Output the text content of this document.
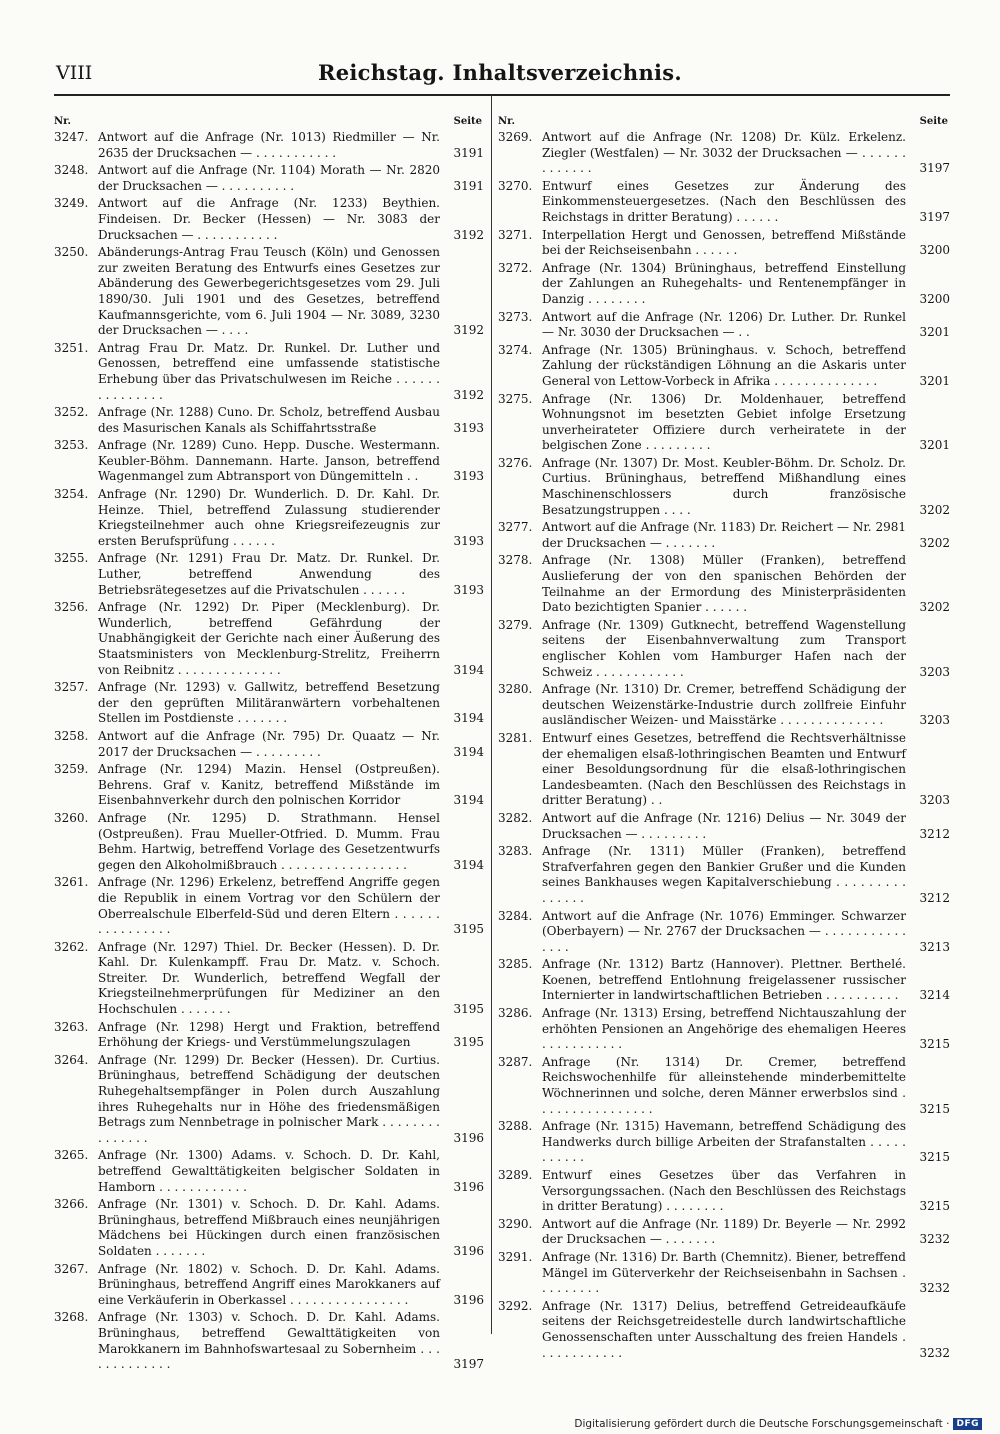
VIII	Reichstag. Inhaltsverzeichnis.
Nr.	Seite
3247. Antwort auf die Anfrage (Nr. 1013) Riedmiller — Nr. 2635 der Drucksachen — . . . . . . . . . . .	3191
3248. Antwort auf die Anfrage (Nr. 1104) Morath — Nr. 2820 der Drucksachen — . . . . . . . . . .	3191
3249. Antwort auf die Anfrage (Nr. 1233) Beythien. Findeisen. Dr. Becker (Hessen) — Nr. 3083 der Drucksachen — . . . . . . . . . . .	3192
3250. Abänderungs-Antrag Frau Teusch (Köln) und Genossen zur zweiten Beratung des Entwurfs eines Gesetzes zur Abänderung des Gewerbegerichtsgesetzes vom 29. Juli 1890/30. Juli 1901 und des Gesetzes, betreffend Kaufmannsgerichte, vom 6. Juli 1904 — Nr. 3089, 3230 der Drucksachen — . . . .	3192
3251. Antrag Frau Dr. Matz. Dr. Runkel. Dr. Luther und Genossen, betreffend eine umfassende statistische Erhebung über das Privatschulwesen im Reiche . . . . . . . . . . . . . . .	3192
3252. Anfrage (Nr. 1288) Cuno. Dr. Scholz, betreffend Ausbau des Masurischen Kanals als Schiffahrtsstraße	3193
3253. Anfrage (Nr. 1289) Cuno. Hepp. Dusche. Westermann. Keubler-Böhm. Dannemann. Harte. Janson, betreffend Wagenmangel zum Abtransport von Düngemitteln . .	3193
3254. Anfrage (Nr. 1290) Dr. Wunderlich. D. Dr. Kahl. Dr. Heinze. Thiel, betreffend Zulassung studierender Kriegsteilnehmer auch ohne Kriegsreifezeugnis zur ersten Berufsprüfung . . . . . .	3193
3255. Anfrage (Nr. 1291) Frau Dr. Matz. Dr. Runkel. Dr. Luther, betreffend Anwendung des Betriebsrätegesetzes auf die Privatschulen . . . . . .	3193
3256. Anfrage (Nr. 1292) Dr. Piper (Mecklenburg). Dr. Wunderlich, betreffend Gefährdung der Unabhängigkeit der Gerichte nach einer Äußerung des Staatsministers von Mecklenburg-Strelitz, Freiherrn von Reibnitz . . . . . . . . . . . . . .	3194
3257. Anfrage (Nr. 1293) v. Gallwitz, betreffend Besetzung der den geprüften Militäranwärtern vorbehaltenen Stellen im Postdienste . . . . . . .	3194
3258. Antwort auf die Anfrage (Nr. 795) Dr. Quaatz — Nr. 2017 der Drucksachen — . . . . . . . . .	3194
3259. Anfrage (Nr. 1294) Mazin. Hensel (Ostpreußen). Behrens. Graf v. Kanitz, betreffend Mißstände im Eisenbahnverkehr durch den polnischen Korridor	3194
3260. Anfrage (Nr. 1295) D. Strathmann. Hensel (Ostpreußen). Frau Mueller-Otfried. D. Mumm. Frau Behm. Hartwig, betreffend Vorlage des Gesetzentwurfs gegen den Alkoholmißbrauch . . . . . . . . . . . . . . . . .	3194
3261. Anfrage (Nr. 1296) Erkelenz, betreffend Angriffe gegen die Republik in einem Vortrag vor den Schülern der Oberrealschule Elberfeld-Süd und deren Eltern . . . . . . . . . . . . . . . .	3195
3262. Anfrage (Nr. 1297) Thiel. Dr. Becker (Hessen). D. Dr. Kahl. Dr. Kulenkampff. Frau Dr. Matz. v. Schoch. Streiter. Dr. Wunderlich, betreffend Wegfall der Kriegsteilnehmerprüfungen für Mediziner an den Hochschulen . . . . . . .	3195
3263. Anfrage (Nr. 1298) Hergt und Fraktion, betreffend Erhöhung der Kriegs- und Verstümmelungszulagen	3195
3264. Anfrage (Nr. 1299) Dr. Becker (Hessen). Dr. Curtius. Brüninghaus, betreffend Schädigung der deutschen Ruhegehaltsempfänger in Polen durch Auszahlung ihres Ruhegehalts nur in Höhe des friedensmäßigen Betrags zum Nennbetrage in polnischer Mark . . . . . . . . . . . . . . .	3196
3265. Anfrage (Nr. 1300) Adams. v. Schoch. D. Dr. Kahl, betreffend Gewalttätigkeiten belgischer Soldaten in Hamborn . . . . . . . . . . . .	3196
3266. Anfrage (Nr. 1301) v. Schoch. D. Dr. Kahl. Adams. Brüninghaus, betreffend Mißbrauch eines neunjährigen Mädchens bei Hückingen durch einen französischen Soldaten . . . . . . .	3196
3267. Anfrage (Nr. 1802) v. Schoch. D. Dr. Kahl. Adams. Brüninghaus, betreffend Angriff eines Marokkaners auf eine Verkäuferin in Oberkassel . . . . . . . . . . . . . . . .	3196
3268. Anfrage (Nr. 1303) v. Schoch. D. Dr. Kahl. Adams. Brüninghaus, betreffend Gewalttätigkeiten von Marokkanern im Bahnhofswartesaal zu Sobernheim . . . . . . . . . . . . .	3197
Nr.	Seite
3269. Antwort auf die Anfrage (Nr. 1208) Dr. Külz. Erkelenz. Ziegler (Westfalen) — Nr. 3032 der Drucksachen — . . . . . . . . . . . . .	3197
3270. Entwurf eines Gesetzes zur Änderung des Einkommensteuergesetzes. (Nach den Beschlüssen des Reichstags in dritter Beratung) . . . . . .	3197
3271. Interpellation Hergt und Genossen, betreffend Mißstände bei der Reichseisenbahn . . . . . .	3200
3272. Anfrage (Nr. 1304) Brüninghaus, betreffend Einstellung der Zahlungen an Ruhegehalts- und Rentenempfänger in Danzig . . . . . . . .	3200
3273. Antwort auf die Anfrage (Nr. 1206) Dr. Luther. Dr. Runkel — Nr. 3030 der Drucksachen — . .	3201
3274. Anfrage (Nr. 1305) Brüninghaus. v. Schoch, betreffend Zahlung der rückständigen Löhnung an die Askaris unter General von Lettow-Vorbeck in Afrika . . . . . . . . . . . . . .	3201
3275. Anfrage (Nr. 1306) Dr. Moldenhauer, betreffend Wohnungsnot im besetzten Gebiet infolge Ersetzung unverheirateter Offiziere durch verheiratete in der belgischen Zone . . . . . . . . .	3201
3276. Anfrage (Nr. 1307) Dr. Most. Keubler-Böhm. Dr. Scholz. Dr. Curtius. Brüninghaus, betreffend Mißhandlung eines Maschinenschlossers durch französische Besatzungstruppen . . . .	3202
3277. Antwort auf die Anfrage (Nr. 1183) Dr. Reichert — Nr. 2981 der Drucksachen — . . . . . . .	3202
3278. Anfrage (Nr. 1308) Müller (Franken), betreffend Auslieferung der von den spanischen Behörden der Teilnahme an der Ermordung des Ministerpräsidenten Dato bezichtigten Spanier . . . . . .	3202
3279. Anfrage (Nr. 1309) Gutknecht, betreffend Wagenstellung seitens der Eisenbahnverwaltung zum Transport englischer Kohlen vom Hamburger Hafen nach der Schweiz . . . . . . . . . . . .	3203
3280. Anfrage (Nr. 1310) Dr. Cremer, betreffend Schädigung der deutschen Weizenstärke-Industrie durch zollfreie Einfuhr ausländischer Weizen- und Maisstärke . . . . . . . . . . . . . .	3203
3281. Entwurf eines Gesetzes, betreffend die Rechtsverhältnisse der ehemaligen elsaß-lothringischen Beamten und Entwurf einer Besoldungsordnung für die elsaß-lothringischen Landesbeamten. (Nach den Beschlüssen des Reichstags in dritter Beratung) . .	3203
3282. Antwort auf die Anfrage (Nr. 1216) Delius — Nr. 3049 der Drucksachen — . . . . . . . . .	3212
3283. Anfrage (Nr. 1311) Müller (Franken), betreffend Strafverfahren gegen den Bankier Grußer und die Kunden seines Bankhauses wegen Kapitalverschiebung . . . . . . . . . . . . . . .	3212
3284. Antwort auf die Anfrage (Nr. 1076) Emminger. Schwarzer (Oberbayern) — Nr. 2767 der Drucksachen — . . . . . . . . . . . . . . .	3213
3285. Anfrage (Nr. 1312) Bartz (Hannover). Plettner. Berthelé. Koenen, betreffend Entlohnung freigelassener russischer Internierter in landwirtschaftlichen Betrieben . . . . . . . . . .	3214
3286. Anfrage (Nr. 1313) Ersing, betreffend Nichtauszahlung der erhöhten Pensionen an Angehörige des ehemaligen Heeres . . . . . . . . . . .	3215
3287. Anfrage (Nr. 1314) Dr. Cremer, betreffend Reichswochenhilfe für alleinstehende minderbemittelte Wöchnerinnen und solche, deren Männer erwerbslos sind . . . . . . . . . . . . . . . .	3215
3288. Anfrage (Nr. 1315) Havemann, betreffend Schädigung des Handwerks durch billige Arbeiten der Strafanstalten . . . . . . . . . . .	3215
3289. Entwurf eines Gesetzes über das Verfahren in Versorgungssachen. (Nach den Beschlüssen des Reichstags in dritter Beratung) . . . . . . . .	3215
3290. Antwort auf die Anfrage (Nr. 1189) Dr. Beyerle — Nr. 2992 der Drucksachen — . . . . . . .	3232
3291. Anfrage (Nr. 1316) Dr. Barth (Chemnitz). Biener, betreffend Mängel im Güterverkehr der Reichseisenbahn in Sachsen . . . . . . . . .	3232
3292. Anfrage (Nr. 1317) Delius, betreffend Getreideaufkäufe seitens der Reichsgetreidestelle durch landwirtschaftliche Genossenschaften unter Ausschaltung des freien Handels . . . . . . . . . . . .	3232
Digitalisierung gefördert durch die Deutsche Forschungsgemeinschaft · DFG
